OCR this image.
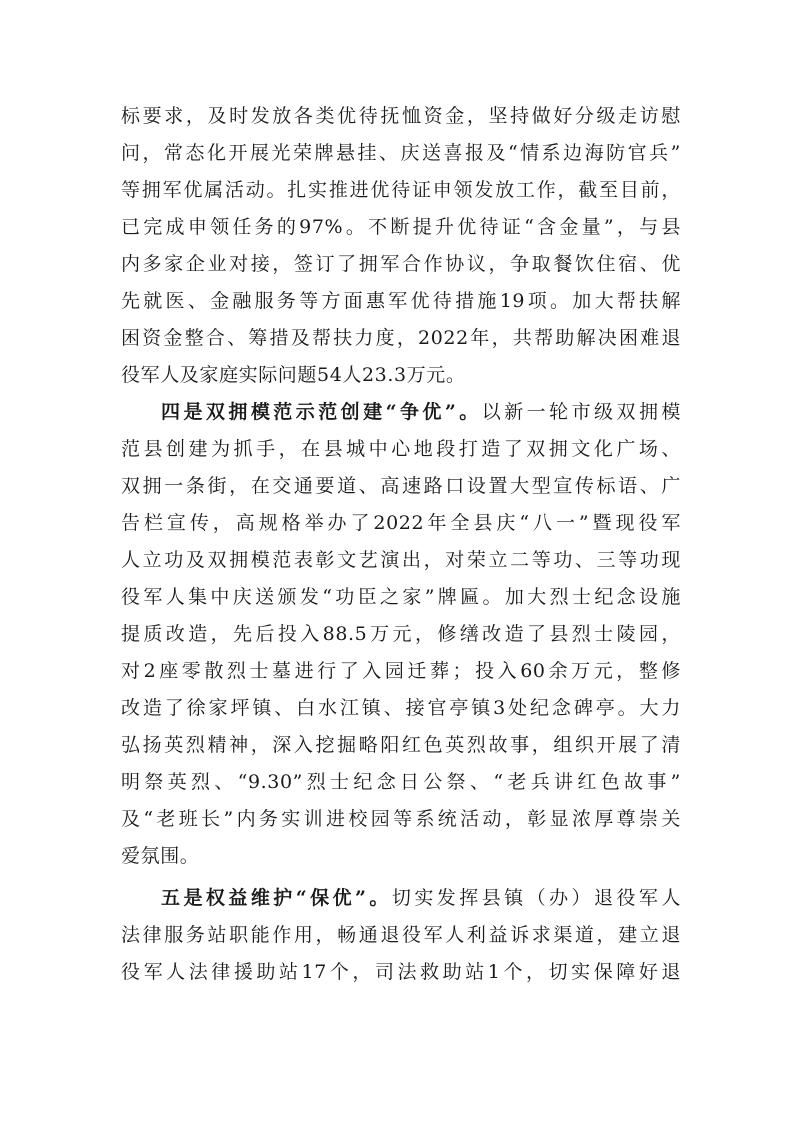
标要求，及时发放各类优待抚恤资金，坚持做好分级走访慰
问，常态化开展光荣牌悬挂、庆送喜报及“情系边海防官兵”
等拥军优属活动。扎实推进优待证申领发放工作，截至目前，
已完成申领任务的97%。不断提升优待证“含金量”，与县
内多家企业对接，签订了拥军合作协议，争取餐饮住宿、优
先就医、金融服务等方面惠军优待措施19项。加大帮扶解
困资金整合、筹措及帮扶力度，2022年，共帮助解决困难退
役军人及家庭实际问题54人23.3万元。
四是双拥模范示范创建“争优”。以新一轮市级双拥模
范县创建为抓手，在县城中心地段打造了双拥文化广场、
双拥一条街，在交通要道、高速路口设置大型宣传标语、广
告栏宣传，高规格举办了2022年全县庆“八一”暨现役军
人立功及双拥模范表彰文艺演出，对荣立二等功、三等功现
役军人集中庆送颁发“功臣之家”牌匾。加大烈士纪念设施
提质改造，先后投入88.5万元，修缮改造了县烈士陵园，
对2座零散烈士墓进行了入园迁葬；投入60余万元，整修
改造了徐家坪镇、白水江镇、接官亭镇3处纪念碑亭。大力
弘扬英烈精神，深入挖掘略阳红色英烈故事，组织开展了清
明祭英烈、“9.30”烈士纪念日公祭、“老兵讲红色故事”
及“老班长”内务实训进校园等系统活动，彰显浓厚尊崇关
爱氛围。
五是权益维护“保优”。切实发挥县镇（办）退役军人
法律服务站职能作用，畅通退役军人利益诉求渠道，建立退
役军人法律援助站17个，司法救助站1个，切实保障好退
